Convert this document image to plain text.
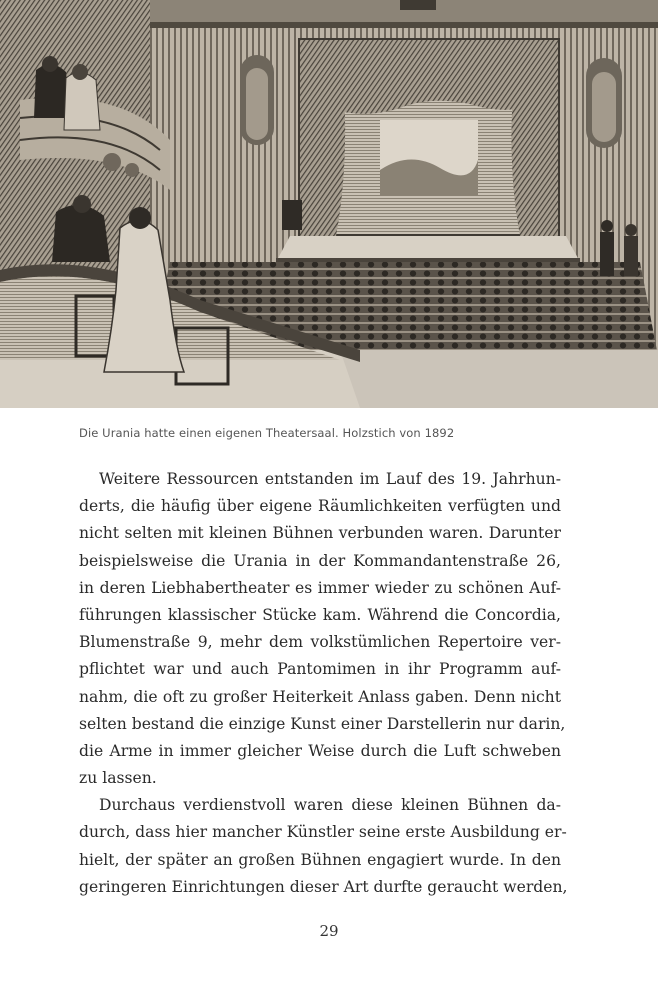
Die Urania hatte einen eigenen Theatersaal. Holzstich von 1892
Weitere Ressourcen entstanden im Lauf des 19. Jahrhun-
derts, die häufig über eigene Räumlichkeiten verfügten und
nicht selten mit kleinen Bühnen verbunden waren. Darunter
beispielsweise die Urania in der Kommandantenstraße 26,
in deren Liebhabertheater es immer wieder zu schönen Auf-
führungen klassischer Stücke kam. Während die Concordia,
Blumenstraße 9, mehr dem volkstümlichen Repertoire ver-
pflichtet war und auch Pantomimen in ihr Programm auf-
nahm, die oft zu großer Heiterkeit Anlass gaben. Denn nicht
selten bestand die einzige Kunst einer Darstellerin nur darin,
die Arme in immer gleicher Weise durch die Luft schweben
zu lassen.
Durchaus verdienstvoll waren diese kleinen Bühnen da-
durch, dass hier mancher Künstler seine erste Ausbildung er-
hielt, der später an großen Bühnen engagiert wurde. In den
geringeren Einrichtungen dieser Art durfte geraucht werden,
29
